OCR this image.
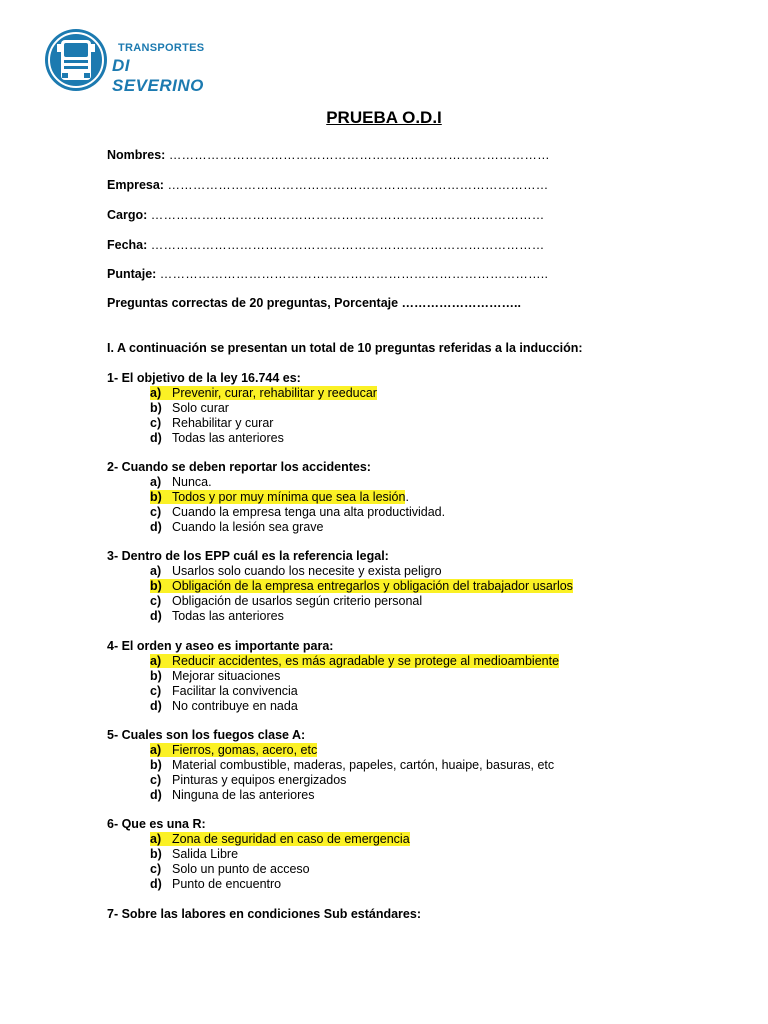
TRANSPORTES
DI SEVERINO
PRUEBA O.D.I
Nombres: ………………………………………………………………………………
Empresa: ………………………………………………………………………………
Cargo: …………………………………………………………………………………
Fecha: …………………………………………………………………………………
Puntaje: ………………………………………………………………………………..
Preguntas correctas de 20 preguntas, Porcentaje ………………………..
I. A continuación se presentan un total de 10 preguntas referidas a la inducción:
1- El objetivo de la ley 16.744 es:
a) Prevenir, curar, rehabilitar y reeducar
b) Solo curar
c) Rehabilitar y curar
d) Todas las anteriores
2- Cuando se deben reportar los accidentes:
a) Nunca.
b) Todos y por muy mínima que sea la lesión.
c) Cuando la empresa tenga una alta productividad.
d) Cuando la lesión sea grave
3- Dentro de los EPP cuál es la referencia legal:
a) Usarlos solo cuando los necesite y exista peligro
b) Obligación de la empresa entregarlos y obligación del trabajador usarlos
c) Obligación de usarlos según criterio personal
d) Todas las anteriores
4- El orden y aseo es importante para:
a) Reducir accidentes, es más agradable y se protege al medioambiente
b) Mejorar situaciones
c) Facilitar la convivencia
d) No contribuye en nada
5- Cuales son los fuegos clase A:
a) Fierros, gomas, acero, etc
b) Material combustible, maderas, papeles, cartón, huaipe, basuras, etc
c) Pinturas y equipos energizados
d) Ninguna de las anteriores
6- Que es una R:
a) Zona de seguridad en caso de emergencia
b) Salida Libre
c) Solo un punto de acceso
d) Punto de encuentro
7- Sobre las labores en condiciones Sub estándares:
